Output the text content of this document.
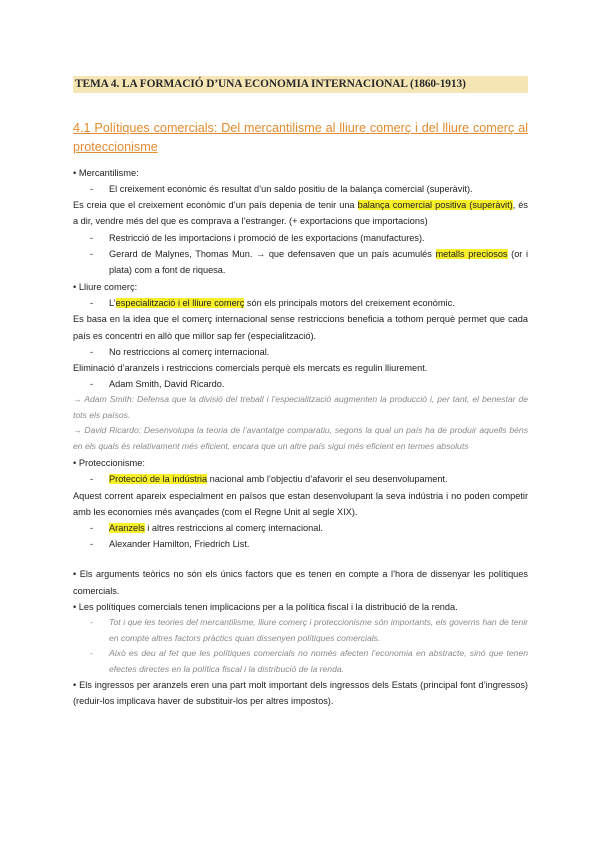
TEMA 4. LA FORMACIÓ D’UNA ECONOMIA INTERNACIONAL (1860-1913)
4.1 Polítiques comercials: Del mercantilisme al lliure comerç i del lliure comerç al proteccionisme
• Mercantilisme:
- El creixement econòmic és resultat d’un saldo positiu de la balança comercial (superàvit).
Es creia que el creixement econòmic d’un país depenia de tenir una balança comercial positiva (superàvit), és a dir, vendre més del que es comprava a l’estranger. (+ exportacions que importacions)
- Restricció de les importacions i promoció de les exportacions (manufactures).
- Gerard de Malynes, Thomas Mun. → que defensaven que un país acumulés metalls preciosos (or i plata) com a font de riquesa.
• Lliure comerç:
- L’especialització i el lliure comerç són els principals motors del creixement econòmic.
Es basa en la idea que el comerç internacional sense restriccions beneficia a tothom perquè permet que cada país es concentri en allò que millor sap fer (especialització).
- No restriccions al comerç internacional.
Eliminació d’aranzels i restriccions comercials perquè els mercats es regulin lliurement.
- Adam Smith, David Ricardo.
→ Adam Smith: Defensa que la divisió del treball i l’especialització augmenten la producció i, per tant, el benestar de tots els països.
→ David Ricardo: Desenvolupa la teoria de l’avantatge comparatiu, segons la qual un país ha de produir aquells béns en els quals és relativament més eficient, encara que un altre país sigui més eficient en termes absoluts
• Proteccionisme:
- Protecció de la indústria nacional amb l’objectiu d’afavorir el seu desenvolupament.
Aquest corrent apareix especialment en països que estan desenvolupant la seva indústria i no poden competir amb les economies més avançades (com el Regne Unit al segle XIX).
- Aranzels i altres restriccions al comerç internacional.
- Alexander Hamilton, Friedrich List.
• Els arguments teòrics no són els únics factors que es tenen en compte a l’hora de dissenyar les polítiques comercials.
• Les polítiques comercials tenen implicacions per a la política fiscal i la distribució de la renda.
- Tot i que les teories del mercantilisme, lliure comerç i proteccionisme són importants, els governs han de tenir en compte altres factors pràctics quan dissenyen polítiques comercials.
- Això es deu al fet que les polítiques comercials no només afecten l’economia en abstracte, sinó que tenen efectes directes en la política fiscal i la distribució de la renda.
• Els ingressos per aranzels eren una part molt important dels ingressos dels Estats (principal font d’ingressos) (reduir-los implicava haver de substituir-los per altres impostos).
